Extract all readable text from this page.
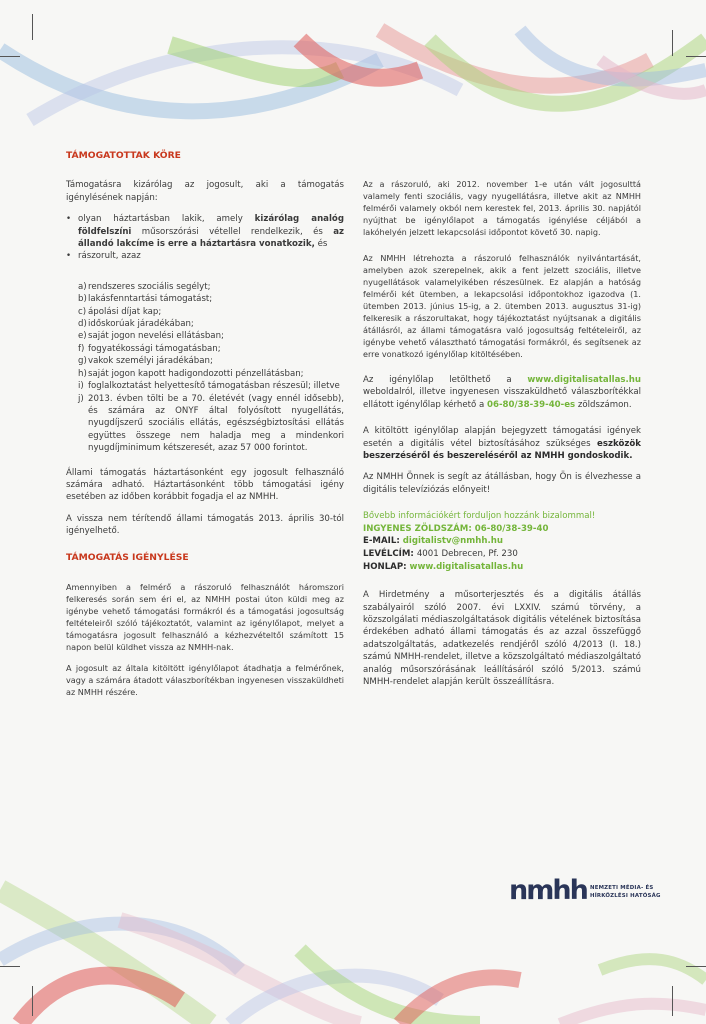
TÁMOGATOTTAK KÖRE

Támogatásra kizárólag az jogosult, aki a támogatás igénylésének napján:

• olyan háztartásban lakik, amely kizárólag analóg földfelszíni műsorszórási vétellel rendelkezik, és az állandó lakcíme is erre a háztartásra vonatkozik, és
• rászorult, azaz
a) rendszeres szociális segélyt;
b) lakásfenntartási támogatást;
c) ápolási díjat kap;
d) időskorúak járadékában;
e) saját jogon nevelési ellátásban;
f) fogyatékossági támogatásban;
g) vakok személyi járadékában;
h) saját jogon kapott hadigondozotti pénzellátásban;
i) foglalkoztatást helyettesítő támogatásban részesül; illetve
j) 2013. évben tölti be a 70. életévét (vagy ennél idősebb), és számára az ONYF által folyósított nyugellátás, nyugdíjszerű szociális ellátás, egészségbiztosítási ellátás együttes összege nem haladja meg a mindenkori nyugdíjminimum kétszeresét, azaz 57 000 forintot.

Állami támogatás háztartásonként egy jogosult felhasználó számára adható. Háztartásonként több támogatási igény esetében az időben korábbit fogadja el az NMHH.

A vissza nem térítendő állami támogatás 2013. április 30-tól igényelhető.

TÁMOGATÁS IGÉNYLÉSE

Amennyiben a felmérő a rászoruló felhasználót háromszori felkeresés során sem éri el, az NMHH postai úton küldi meg az igénybe vehető támogatási formákról és a támogatási jogosultság feltételeiről szóló tájékoztatót, valamint az igénylőlapot, melyet a támogatásra jogosult felhasználó a kézhezvételtől számított 15 napon belül küldhet vissza az NMHH-nak.

A jogosult az általa kitöltött igénylőlapot átadhatja a felmérőnek, vagy a számára átadott válaszborítékban ingyenesen visszaküldheti az NMHH részére.

Az a rászoruló, aki 2012. november 1-e után vált jogosulttá valamely fenti szociális, vagy nyugellátásra, illetve akit az NMHH felmérői valamely okból nem kerestek fel, 2013. április 30. napjától nyújthat be igénylőlapot a támogatás igénylése céljából a lakóhelyén jelzett lekapcsolási időpontot követő 30. napig.

Az NMHH létrehozta a rászoruló felhasználók nyilvántartását, amelyben azok szerepelnek, akik a fent jelzett szociális, illetve nyugellátások valamelyikében részesülnek. Ez alapján a hatóság felmérői két ütemben, a lekapcsolási időpontokhoz igazodva (1. ütemben 2013. június 15-ig, a 2. ütemben 2013. augusztus 31-ig) felkeresik a rászorultakat, hogy tájékoztatást nyújtsanak a digitális átállásról, az állami támogatásra való jogosultság feltételeiről, az igénybe vehető választható támogatási formákról, és segítsenek az erre vonatkozó igénylőlap kitöltésében.

Az igénylőlap letölthető a www.digitalisatallas.hu weboldalról, illetve ingyenesen visszaküldhető válaszborítékkal ellátott igénylőlap kérhető a 06-80/38-39-40-es zöldszámon.

A kitöltött igénylőlap alapján bejegyzett támogatási igények esetén a digitális vétel biztosításához szükséges eszközök beszerzéséről és beszereléséről az NMHH gondoskodik.

Az NMHH Önnek is segít az átállásban, hogy Ön is élvezhesse a digitális televíziózás előnyeit!

Bővebb információkért forduljon hozzánk bizalommal!
INGYENES ZÖLDSZÁM: 06-80/38-39-40
E-MAIL: digitalistv@nmhh.hu
LEVÉLCÍM: 4001 Debrecen, Pf. 230
HONLAP: www.digitalisatallas.hu

A Hirdetmény a műsorterjesztés és a digitális átállás szabályairól szóló 2007. évi LXXIV. számú törvény, a közszolgálati médiaszolgáltatások digitális vételének biztosítása érdekében adható állami támogatás és az azzal összefüggő adatszolgáltatás, adatkezelés rendjéről szóló 4/2013 (I. 18.) számú NMHH-rendelet, illetve a közszolgáltató médiaszolgáltató analóg műsorszórásának leállításáról szóló 5/2013. számú NMHH-rendelet alapján került összeállításra.

nmhh NEMZETI MÉDIA- ÉS
HÍRKÖZLÉSI HATÓSÁG
